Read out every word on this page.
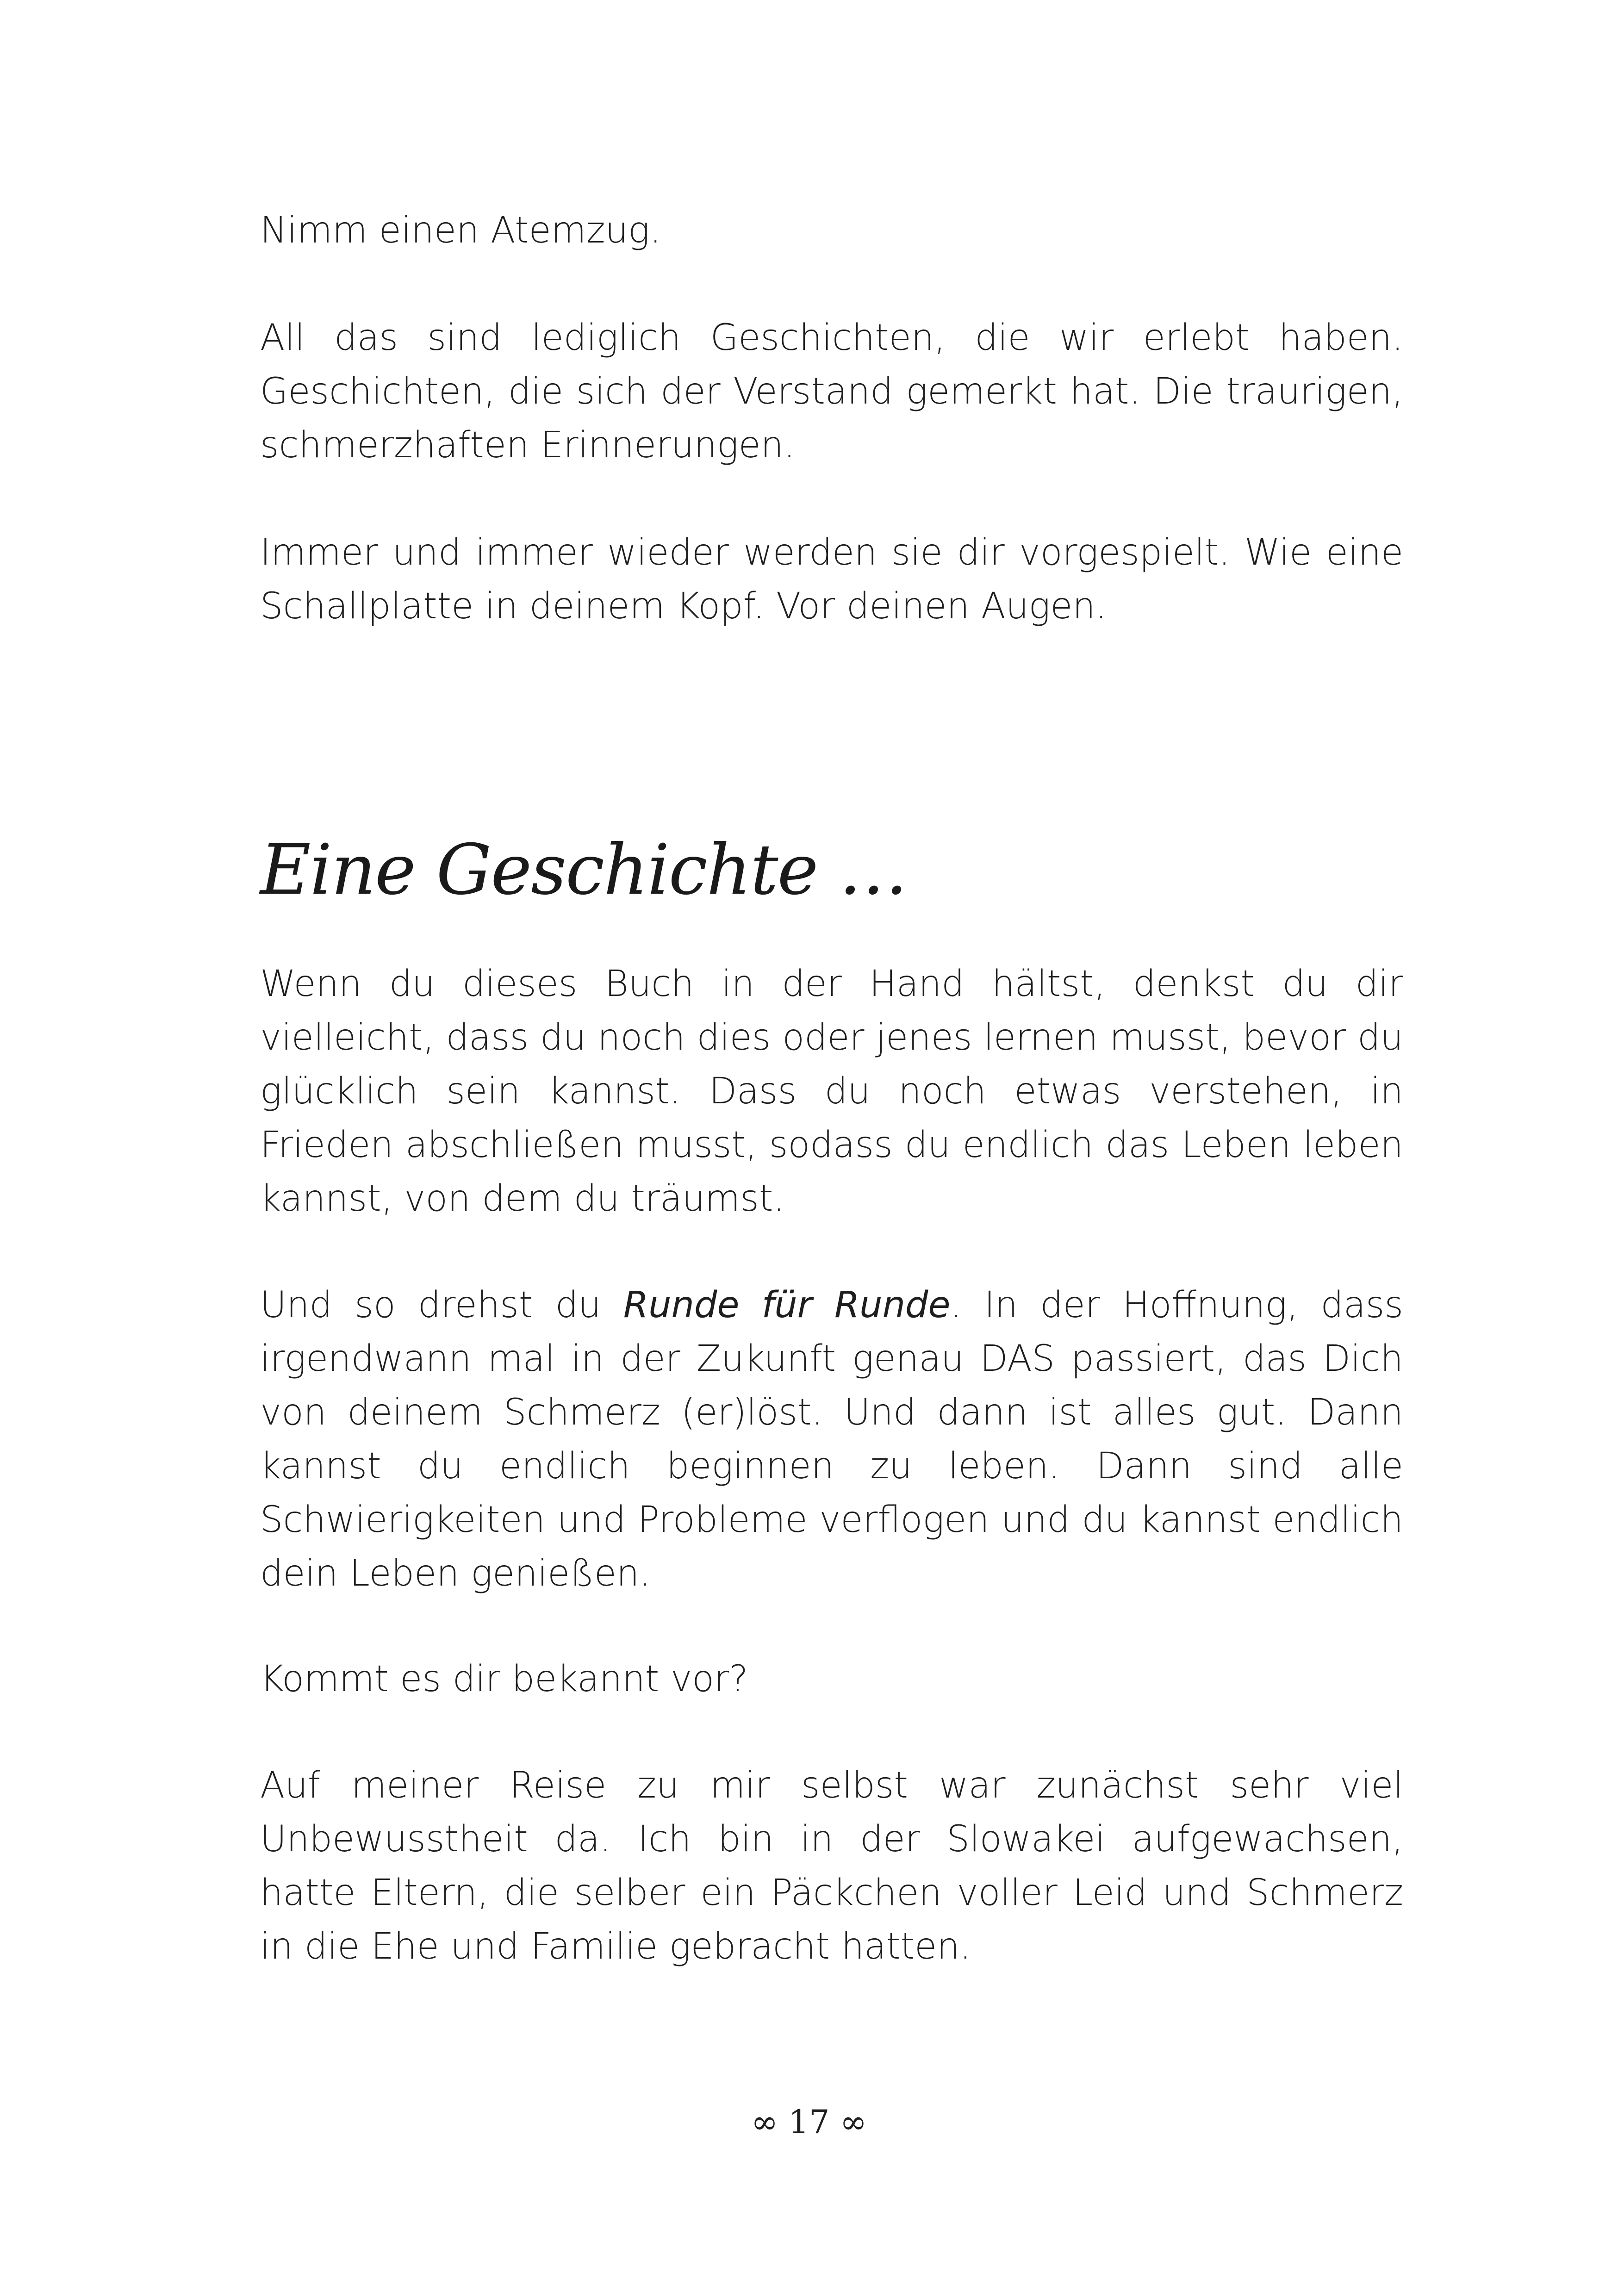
Nimm einen Atemzug.
All das sind lediglich Geschichten, die wir erlebt haben. Geschichten, die sich der Verstand gemerkt hat. Die traurigen, schmerzhaften Erinnerungen.
Immer und immer wieder werden sie dir vorgespielt. Wie eine Schallplatte in deinem Kopf. Vor deinen Augen.
Eine Geschichte …
Wenn du dieses Buch in der Hand hältst, denkst du dir vielleicht, dass du noch dies oder jenes lernen musst, bevor du glücklich sein kannst. Dass du noch etwas verstehen, in Frieden abschließen musst, sodass du endlich das Leben leben kannst, von dem du träumst.
Und so drehst du Runde für Runde. In der Hoffnung, dass irgendwann mal in der Zukunft genau DAS passiert, das Dich von deinem Schmerz (er)löst. Und dann ist alles gut. Dann kannst du endlich beginnen zu leben. Dann sind alle Schwierigkeiten und Probleme verflogen und du kannst endlich dein Leben genießen.
Kommt es dir bekannt vor?
Auf meiner Reise zu mir selbst war zunächst sehr viel Unbewusstheit da. Ich bin in der Slowakei aufgewachsen, hatte Eltern, die selber ein Päckchen voller Leid und Schmerz in die Ehe und Familie gebracht hatten.
∞ 17 ∞
